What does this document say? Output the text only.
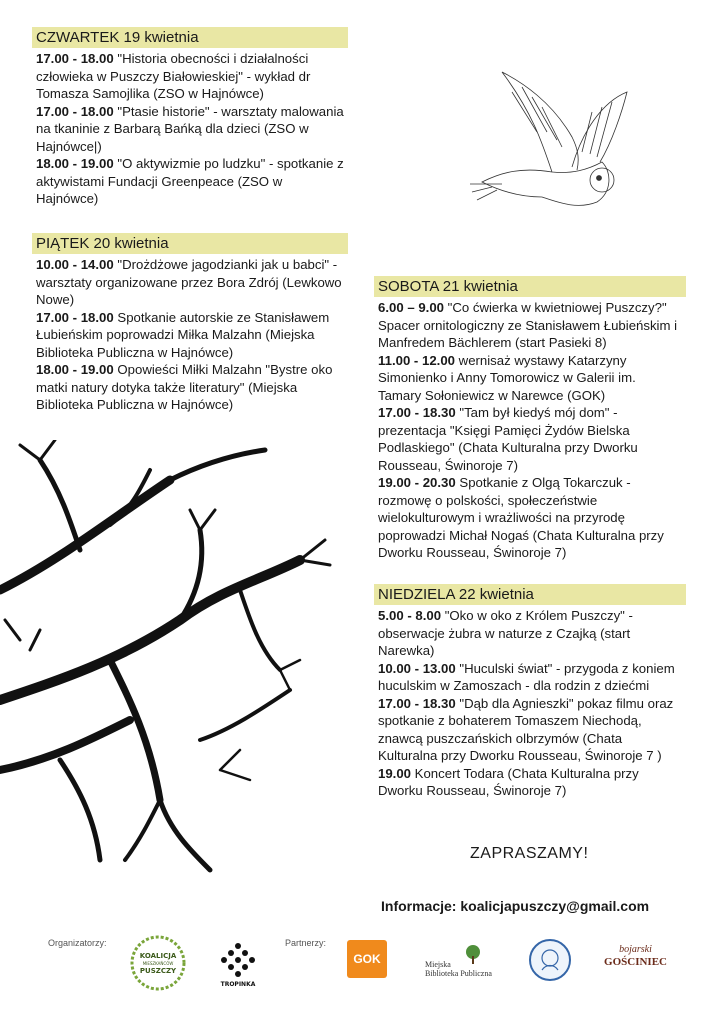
CZWARTEK 19 kwietnia

17.00 - 18.00 "Historia obecności i działalności człowieka w Puszczy Białowieskiej" - wykład dr Tomasza Samojlika (ZSO w Hajnówce)

17.00 - 18.00 "Ptasie historie" - warsztaty malowania na tkaninie z Barbarą Bańką dla dzieci (ZSO w Hajnówce|)

18.00 - 19.00 "O aktywizmie po ludzku" - spotkanie z aktywistami Fundacji Greenpeace (ZSO w Hajnówce)

PIĄTEK 20 kwietnia

10.00 - 14.00 "Drożdżowe jagodzianki jak u babci" - warsztaty organizowane przez Bora Zdrój (Lewkowo Nowe)

17.00 - 18.00 Spotkanie autorskie ze Stanisławem Łubieńskim poprowadzi Miłka Malzahn (Miejska Biblioteka Publiczna w Hajnówce)

18.00 - 19.00 Opowieści Miłki Malzahn "Bystre oko matki natury dotyka także literatury" (Miejska Biblioteka Publiczna w Hajnówce)

SOBOTA 21 kwietnia

6.00 – 9.00 "Co ćwierka w kwietniowej Puszczy?" Spacer ornitologiczny ze Stanisławem Łubieńskim i Manfredem Bächlerem (start Pasieki 8)

11.00 - 12.00 wernisaż wystawy Katarzyny Simonienko i Anny Tomorowicz w Galerii im. Tamary Sołoniewicz w Narewce (GOK)

17.00 - 18.30 "Tam był kiedyś mój dom" - prezentacja "Księgi Pamięci Żydów Bielska Podlaskiego" (Chata Kulturalna przy Dworku Rousseau, Świnoroje 7)

19.00 - 20.30 Spotkanie z Olgą Tokarczuk - rozmowę o polskości, społeczeństwie wielokulturowym i wrażliwości na przyrodę poprowadzi Michał Nogaś (Chata Kulturalna przy Dworku Rousseau, Świnoroje 7)

NIEDZIELA 22 kwietnia

5.00 - 8.00 "Oko w oko z Królem Puszczy" - obserwacje żubra w naturze z Czajką (start Narewka)

10.00 - 13.00 "Huculski świat" - przygoda z koniem huculskim w Zamoszach - dla rodzin z dziećmi

17.00 - 18.30 "Dąb dla Agnieszki" pokaz filmu oraz spotkanie z bohaterem Tomaszem Niechodą, znawcą puszczańskich olbrzymów (Chata Kulturalna przy Dworku Rousseau, Świnoroje 7 )

19.00 Koncert Todara (Chata Kulturalna przy Dworku Rousseau, Świnoroje 7)

ZAPRASZAMY!
Informacje: koalicjapuszczy@gmail.com
Organizatorzy:	Partnerzy:
KOALICJA
MIESZKAŃCÓW
PUSZCZY
TROPINKA
GOK	Miejska
Biblioteka Publiczna
bojarski
GOŚCINIEC
